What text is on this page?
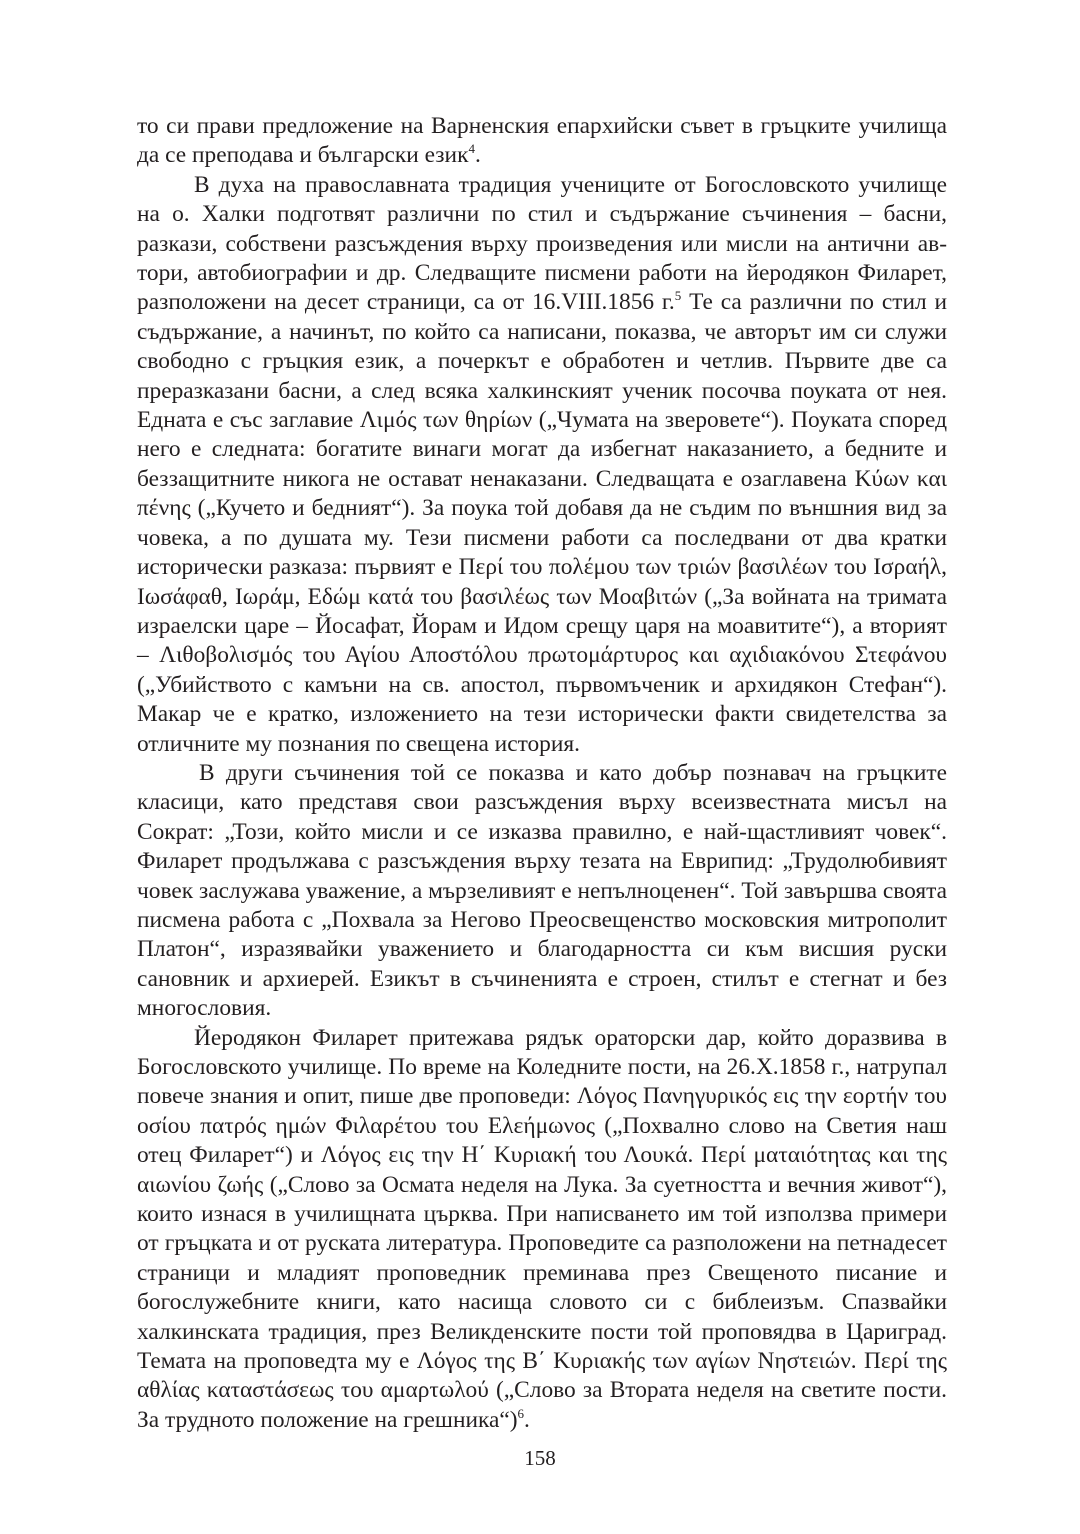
то си прави предложение на Варненския епархийски съвет в гръцките училища да се преподава и български език$^4$.

В духа на православната традиция учениците от Богословското училище на о. Халки подготвят различни по стил и съдържание съчинения – басни, разкази, собствени разсъждения върху произведения или мисли на антични автори, автобиографии и др. Следващите писмени работи на йеродякон Филарет, разположени на десет страници, са от 16.VIII.1856 г.$^5$ Те са различни по стил и съдържание, а начинът, по който са написани, показва, че авторът им си служи свободно с гръцкия език, а почеркът е обработен и четлив. Първите две са преразказани басни, а след всяка халкинският ученик посочва поуката от нея. Едната е със заглавие Λιμός των θηρίων („Чумата на зверовете“). Поуката според него е следната: богатите винаги могат да избегнат наказанието, а бедните и беззащитните никога не остават ненаказани. Следващата е озаглавена Κύων και πένης („Кучето и бедният“). За поука той добавя да не съдим по външния вид за човека, а по душата му. Тези писмени работи са последвани от два кратки исторически разказа: първият е Περί του πολέμου των τριών βασιλέων του Ισραήλ, Ιωσάφαθ, Ιωράμ, Εδώμ κατά του βασιλέως των Μοαβιτών („За войната на тримата израелски царе – Йосафат, Йорам и Идом срещу царя на моавитите“), а вторият – Λιθοβολισμός του Αγίου Αποστόλου πρωτομάρτυρος και αχιδιακόνου Στεφάνου („Убийството с камъни на св. апостол, първомъченик и архидякон Стефан“). Макар че е кратко, изложението на тези исторически факти свидетелства за отличните му познания по свещена история.

В други съчинения той се показва и като добър познавач на гръцките класици, като представя свои разсъждения върху всеизвестната мисъл на Сократ: „Този, който мисли и се изказва правилно, е най-щастливият човек“. Филарет продължава с разсъждения върху тезата на Еврипид: „Трудолюбивият човек заслужава уважение, а мързеливият е непълноценен“. Той завършва своята писмена работа с „Похвала за Негово Преосвещенство московския митрополит Платон“, изразявайки уважението и благодарността си към висшия руски сановник и архиерей. Езикът в съчиненията е строен, стилът е стегнат и без многословия.

Йеродякон Филарет притежава рядък ораторски дар, който доразвива в Богословското училище. По време на Коледните пости, на 26.X.1858 г., натрупал повече знания и опит, пише две проповеди: Λόγος Πανηγυρικός εις την εορτήν του οσίου πατρός ημών Φιλαρέτου του Ελεήμωνος („Похвално слово на Светия наш отец Филарет“) и Λόγος εις την Η΄ Κυριακή του Λουκά. Περί ματαιότητας και της αιωνίου ζωής („Слово за Осмата неделя на Лука. За суетността и вечния живот“), които изнася в училищната църква. При написването им той използва примери от гръцката и от руската литература. Проповедите са разположени на петнадесет страници и младият проповедник преминава през Свещеното писание и богослужебните книги, като насища словото си с библеизъм. Спазвайки халкинската традиция, през Великденските пости той проповядва в Цариград. Темата на проповедта му е Λόγος της Β΄ Κυριακής των αγίων Νηστειών. Περί της αθλίας καταστάσεως του αμαρτωλού („Слово за Втората неделя на светите пости. За трудното положение на грешника“)$^6$.

158
